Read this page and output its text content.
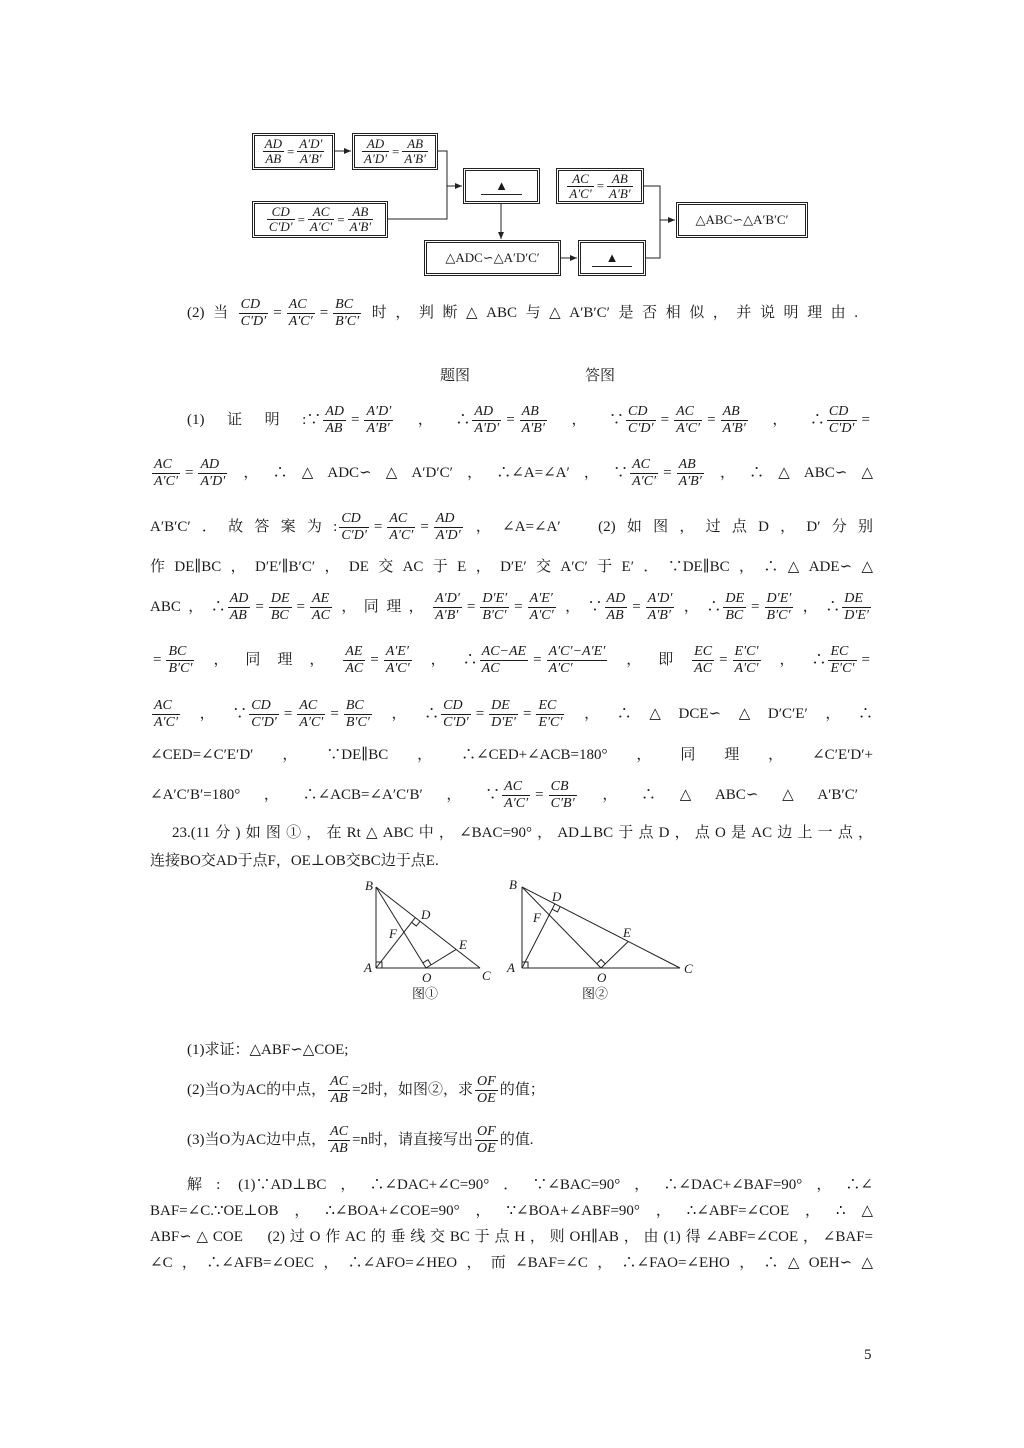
B
A
C
D
F
E
O
图①
B
A	C
D
F
E
O
图②
$\frac{AD}{AB} = \frac{A'D'}{A'B'}$	$\frac{AD}{A'D'} = \frac{AB}{A'B'}$
▲
$\frac{CD}{C'D'} = \frac{AC}{A'C'} = \frac{AB}{A'B'}$
△ADC∽△A′D′C′	▲
$\frac{AC}{A'C'} = \frac{AB}{A'B'}$
△ABC∽△A′B′C′
(2)当 $\frac{CD}{C'D'} = \frac{AC}{A'C'} = \frac{BC}{B'C'}$ 时，判断△ABC与△A′B′C′是否相似，并说明理由.
题图	答图
(1)证明:∵ $\frac{AD}{AB} = \frac{A'D'}{A'B'}$ ，∴ $\frac{AD}{A'D'} = \frac{AB}{A'B'}$ ，∵ $\frac{CD}{C'D'} = \frac{AC}{A'C'} = \frac{AB}{A'B'}$ ，∴ $\frac{CD}{C'D'}$ =
$\frac{AC}{A'C'} = \frac{AD}{A'D'}$ ，∴△ADC∽△A′D′C′，∴∠A=∠A′，∵ $\frac{AC}{A'C'} = \frac{AB}{A'B'}$ ，∴△ABC∽△
A′B′C′．故答案为: $\frac{CD}{C'D'} = \frac{AC}{A'C'} = \frac{AD}{A'D'}$ ，∠A=∠A′　(2)如图，过点D，D′分别
作DE∥BC，D′E′∥B′C′，DE交AC于E，D′E′交A′C′于E′．∵DE∥BC，∴△ADE∽△
ABC，∴ $\frac{AD}{AB} = \frac{DE}{BC} = \frac{AE}{AC}$ ，同理， $\frac{A'D'}{A'B'} = \frac{D'E'}{B'C'} = \frac{A'E'}{A'C'}$ ，∵ $\frac{AD}{AB} = \frac{A'D'}{A'B'}$ ，∴ $\frac{DE}{BC} = \frac{D'E'}{B'C'}$ ，∴ $\frac{DE}{D'E'}$
= $\frac{BC}{B'C'}$ ，同理， $\frac{AE}{AC} = \frac{A'E'}{A'C'}$ ，∴ $\frac{AC-AE}{AC} = \frac{A'C'-A'E'}{A'C'}$ ，即 $\frac{EC}{AC} = \frac{E'C'}{A'C'}$ ，∴ $\frac{EC}{E'C'}$ =
$\frac{AC}{A'C'}$ ，∵ $\frac{CD}{C'D'} = \frac{AC}{A'C'} = \frac{BC}{B'C'}$ ，∴ $\frac{CD}{C'D'} = \frac{DE}{D'E'} = \frac{EC}{E'C'}$ ，∴△DCE∽△D′C′E′，∴
∠CED=∠C′E′D′，∵DE∥BC，∴∠CED+∠ACB=180°，同理，∠C′E′D′+
∠A′C′B′=180°，∴∠ACB=∠A′C′B′，∵ $\frac{AC}{A'C'} = \frac{CB}{C'B'}$ ，∴△ABC∽△A′B′C′
23.(11分)如图①，在Rt△ABC中，∠BAC=90°，AD⊥BC于点D，点O是AC边上一点，
连接BO交AD于点F，OE⊥OB交BC边于点E.
(1)求证：△ABF∽△COE;
(2)当O为AC的中点， $\frac{AC}{AB} =2$时，如图②，求 $\frac{OF}{OE}$ 的值；
(3)当O为AC边中点， $\frac{AC}{AB} =n$时，请直接写出 $\frac{OF}{OE}$ 的值.
解: (1)∵AD⊥BC，∴∠DAC+∠C=90°．∵∠BAC=90°，∴∠DAC+∠BAF=90°，∴∠
BAF=∠C.∵OE⊥OB，∴∠BOA+∠COE=90°，∵∠BOA+∠ABF=90°，∴∠ABF=∠COE，∴△
ABF∽△COE　(2)过O作AC的垂线交BC于点H，则OH∥AB，由(1)得∠ABF=∠COE，∠BAF=
∠C，∴∠AFB=∠OEC，∴∠AFO=∠HEO，而∠BAF=∠C，∴∠FAO=∠EHO，∴△OEH∽△
5
